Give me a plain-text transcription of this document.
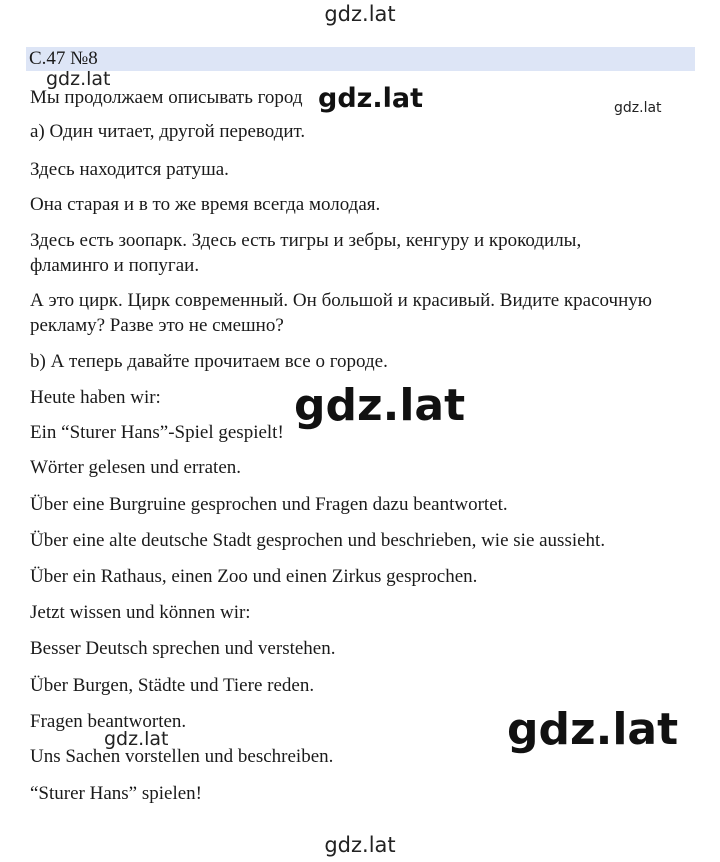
С.47 №8
Мы продолжаем описывать город
а) Один читает, другой переводит.
Здесь находится ратуша.
Она старая и в то же время всегда молодая.
Здесь есть зоопарк. Здесь есть тигры и зебры, кенгуру и крокодилы,
фламинго и попугаи.
А это цирк. Цирк современный. Он большой и красивый. Видите красочную
рекламу? Разве это не смешно?
b) А теперь давайте прочитаем все о городе.
Heute haben wir:
Ein “Sturer Hans”-Spiel gespielt!
Wörter gelesen und erraten.
Über eine Burgruine gesprochen und Fragen dazu beantwortet.
Über eine alte deutsche Stadt gesprochen und beschrieben, wie sie aussieht.
Über ein Rathaus, einen Zoo und einen Zirkus gesprochen.
Jetzt wissen und können wir:
Besser Deutsch sprechen und verstehen.
Über Burgen, Städte und Tiere reden.
Fragen beantworten.
Uns Sachen vorstellen und beschreiben.
“Sturer Hans” spielen!
gdz.lat
gdz.lat
gdz.lat	gdz.lat
gdz.lat
gdz.lat
gdz.lat
gdz.lat
